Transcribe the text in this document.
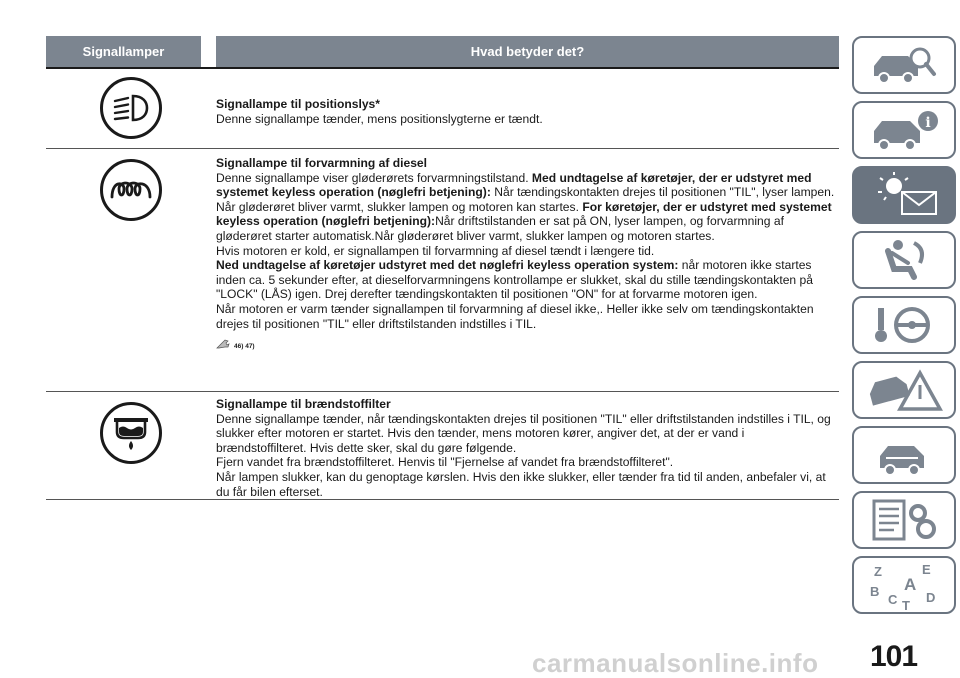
Signallamper	Hvad betyder det?

Signallampe til positionslys*

Denne signallampe tænder, mens positionslygterne er tændt.

Signallampe til forvarmning af diesel

Denne signallampe viser gløderørets forvarmningstilstand. Med undtagelse af køretøjer, der er udstyret med systemet keyless operation (nøglefri betjening): Når tændingskontakten drejes til positionen "TIL", lyser lampen. Når gløderøret bliver varmt, slukker lampen og motoren kan startes. For køretøjer, der er udstyret med systemet keyless operation (nøglefri betjening):Når driftstilstanden er sat på ON, lyser lampen, og forvarmning af gløderøret starter automatisk.Når gløderøret bliver varmt, slukker lampen og motoren startes.

Hvis motoren er kold, er signallampen til forvarmning af diesel tændt i længere tid.

Ned undtagelse af køretøjer udstyret med det nøglefri keyless operation system: når motoren ikke startes inden ca. 5 sekunder efter, at dieselforvarmningens kontrollampe er slukket, skal du stille tændingskontakten på "LOCK" (LÅS) igen. Drej derefter tændingskontakten til positionen "ON" for at forvarme motoren igen.

Når motoren er varm tænder signallampen til forvarmning af diesel ikke,. Heller ikke selv om tændingskontakten drejes til positionen "TIL" eller driftstilstanden indstilles i TIL.

46) 47)

Signallampe til brændstoffilter

Denne signallampe tænder, når tændingskontakten drejes til positionen "TIL" eller driftstilstanden indstilles i TIL, og slukker efter motoren er startet. Hvis den tænder, mens motoren kører, angiver det, at der er vand i brændstoffilteret. Hvis dette sker, skal du gøre følgende.

Fjern vandet fra brændstoffilteret. Henvis til "Fjernelse af vandet fra brændstoffilteret".

Når lampen slukker, kan du genoptage kørslen. Hvis den ikke slukker, eller tænder fra tid til anden, anbefaler vi, at du får bilen efterset.

i
Z	E
A
B
C D
T
carmanualsonline.info 101
